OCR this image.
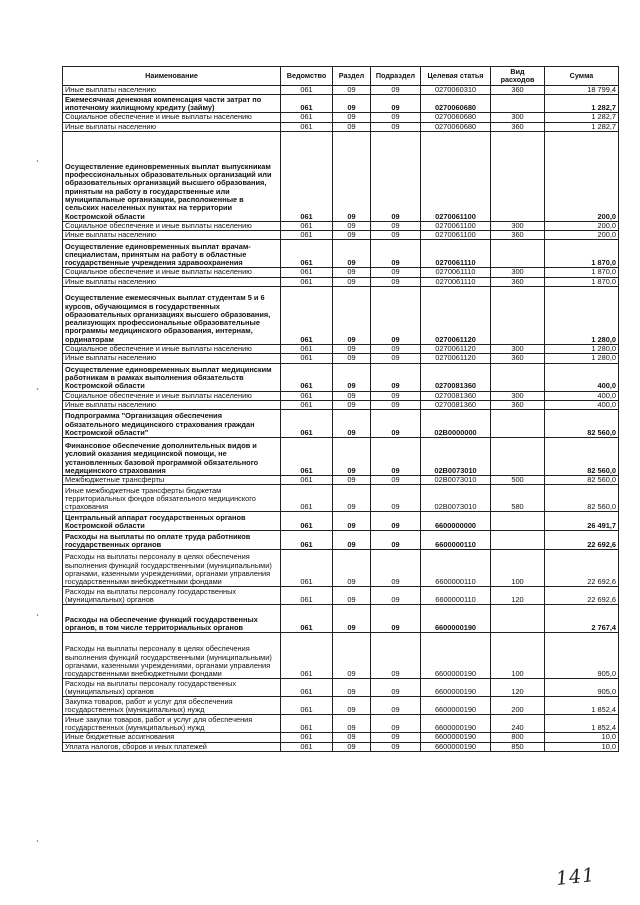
Наименование	Ведомство	Раздел	Подраздел	Целевая статья	Вид расходов	Сумма
Иные выплаты населению	061	09	09	0270060310	360	18 799,4
Ежемесячная денежная компенсация части затрат по ипотечному жилищному кредиту (займу)	061	09	09	0270060680		1 282,7
Социальное обеспечение и иные выплаты населению	061	09	09	0270060680	300	1 282,7
Иные выплаты населению	061	09	09	0270060680	360	1 282,7
Осуществление единовременных выплат выпускникам профессиональных образовательных организаций или образовательных организаций высшего образования, принятым на работу в государственные или муниципальные организации, расположенные в сельских населенных пунктах на территории Костромской области	061	09	09	0270061100		200,0
Социальное обеспечение и иные выплаты населению	061	09	09	0270061100	300	200,0
Иные выплаты населению	061	09	09	0270061100	360	200,0
Осуществление единовременных выплат врачам-специалистам, принятым на работу в областные государственные учреждения здравоохранения	061	09	09	0270061110		1 870,0
Социальное обеспечение и иные выплаты населению	061	09	09	0270061110	300	1 870,0
Иные выплаты населению	061	09	09	0270061110	360	1 870,0
Осуществление ежемесячных выплат студентам 5 и 6 курсов, обучающимся в государственных образовательных организациях высшего образования, реализующих профессиональные образовательные программы медицинского образования, интернам, ординаторам	061	09	09	0270061120		1 280,0
Социальное обеспечение и иные выплаты населению	061	09	09	0270061120	300	1 280,0
Иные выплаты населению	061	09	09	0270061120	360	1 280,0
Осуществление единовременных выплат медицинским работникам в рамках выполнения обязательств Костромской области	061	09	09	0270081360		400,0
Социальное обеспечение и иные выплаты населению	061	09	09	0270081360	300	400,0
Иные выплаты населению	061	09	09	0270081360	360	400,0
Подпрограмма "Организация обеспечения обязательного медицинского страхования граждан Костромской области"	061	09	09	02В0000000		82 560,0
Финансовое обеспечение дополнительных видов и условий оказания медицинской помощи, не установленных базовой программой обязательного медицинского страхования	061	09	09	02В0073010		82 560,0
Межбюджетные трансферты	061	09	09	02В0073010	500	82 560,0
Иные межбюджетные трансферты бюджетам территориальных фондов обязательного медицинского страхования	061	09	09	02В0073010	580	82 560,0
Центральный аппарат государственных органов Костромской области	061	09	09	6600000000		26 491,7
Расходы на выплаты по оплате труда работников государственных органов	061	09	09	6600000110		22 692,6
Расходы на выплаты персоналу в целях обеспечения выполнения функций государственными (муниципальными) органами, казенными учреждениями, органами управления государственными внебюджетными фондами	061	09	09	6600000110	100	22 692,6
Расходы на выплаты персоналу государственных (муниципальных) органов	061	09	09	6600000110	120	22 692,6
Расходы на обеспечение функций государственных органов, в том числе территориальных органов	061	09	09	6600000190		2 767,4
Расходы на выплаты персоналу в целях обеспечения выполнения функций государственными (муниципальными) органами, казенными учреждениями, органами управления государственными внебюджетными фондами	061	09	09	6600000190	100	905,0
Расходы на выплаты персоналу государственных (муниципальных) органов	061	09	09	6600000190	120	905,0
Закупка товаров, работ и услуг для обеспечения государственных (муниципальных) нужд	061	09	09	6600000190	200	1 852,4
Иные закупки товаров, работ и услуг для обеспечения государственных (муниципальных) нужд	061	09	09	6600000190	240	1 852,4
Иные бюджетные ассигнования	061	09	09	6600000190	800	10,0
Уплата налогов, сборов и иных платежей	061	09	09	6600000190	850	10,0
ˋ
ˋ
ˋ
ˋ
141
